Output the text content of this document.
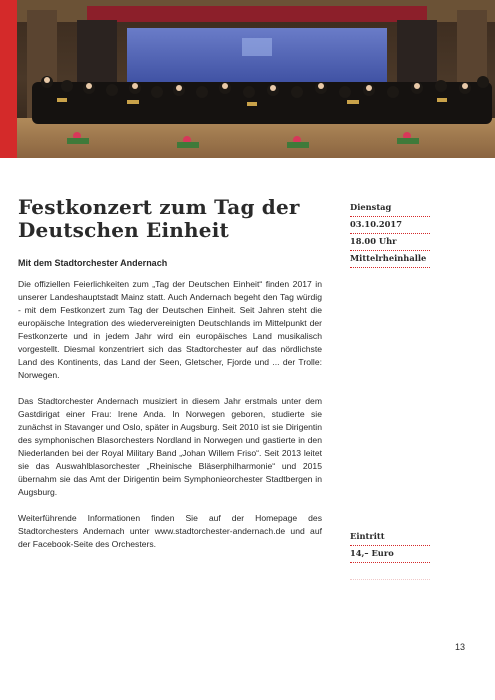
Festkonzert zum Tag der Deutschen Einheit
Mit dem Stadtorchester Andernach

Die offiziellen Feierlichkeiten zum „Tag der Deutschen Einheit“ finden 2017 in unserer Landeshauptstadt Mainz statt. Auch Andernach begeht den Tag würdig - mit dem Festkonzert zum Tag der Deutschen Einheit. Seit Jahren steht die europäische Integration des wiedervereinigten Deutschlands im Mittelpunkt der Festkonzerte und in jedem Jahr wird ein europäisches Land musikalisch vorgestellt. Diesmal konzentriert sich das Stadtorchester auf das nördlichste Land des Kontinents, das Land der Seen, Gletscher, Fjorde und ... der Trolle: Norwegen.

Das Stadtorchester Andernach musiziert in diesem Jahr erstmals unter dem Gastdirigat einer Frau: Irene Anda. In Norwegen geboren, studierte sie zunächst in Stavanger und Oslo, später in Augsburg. Seit 2010 ist sie Dirigentin des symphonischen Blasorchesters Nordland in Norwegen und gastierte in den Niederlanden bei der Royal Military Band „Johan Willem Friso“. Seit 2013 leitet sie das Auswahlblasorchester „Rheinische Bläserphilharmonie“ und 2015 übernahm sie das Amt der Dirigentin beim Symphonieorchester Stadtbergen in Augsburg.

Weiterführende Informationen finden Sie auf der Homepage des Stadtorchesters Andernach unter www.stadtorchester-andernach.de und auf der Facebook-Seite des Orchesters.

Dienstag
03.10.2017
18.00 Uhr
Mittelrheinhalle
Eintritt
14,– Euro

13
